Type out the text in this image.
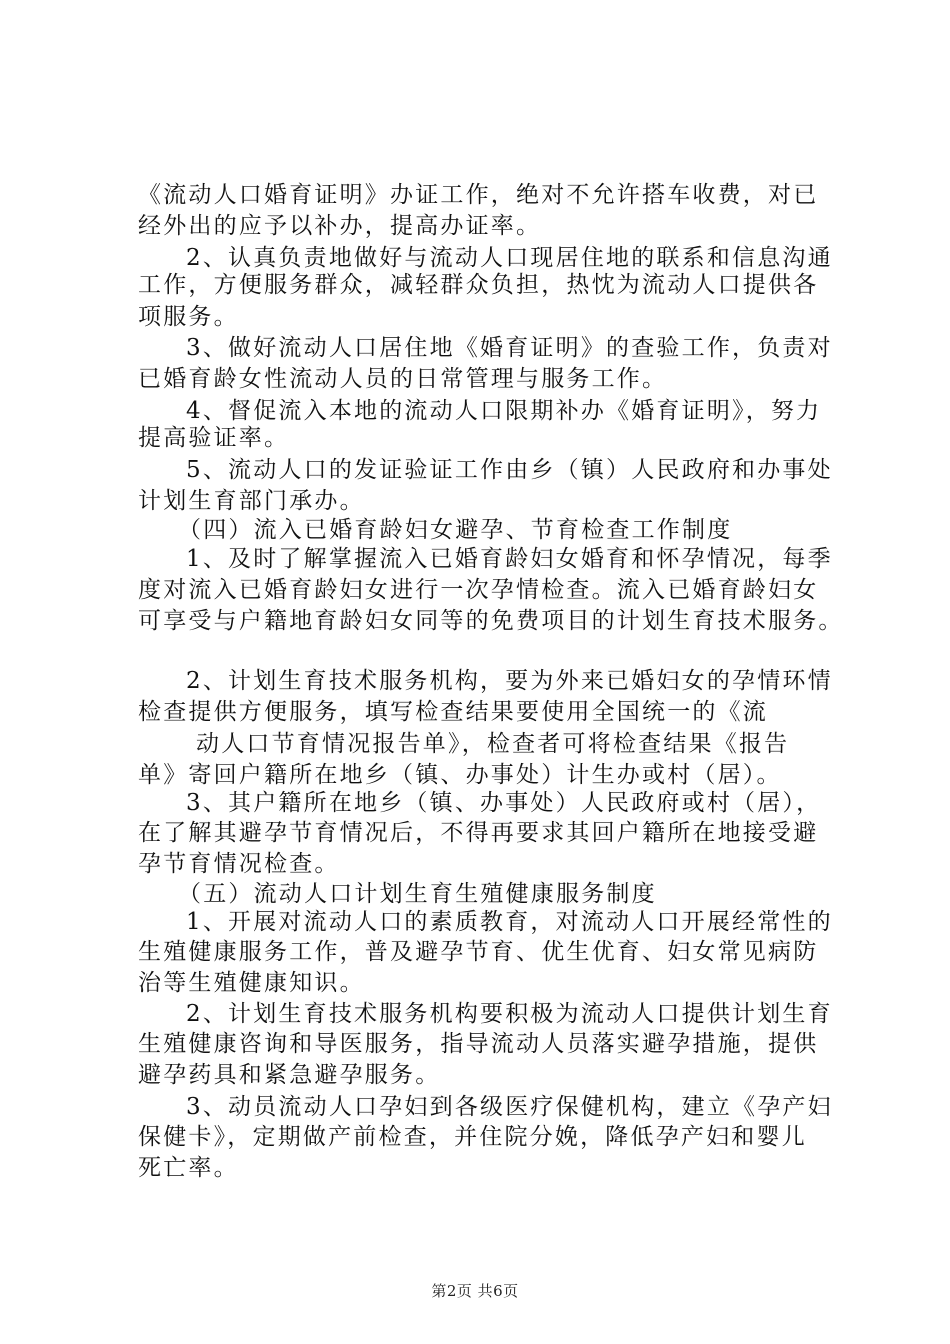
《流动人口婚育证明》办证工作，绝对不允许搭车收费，对已
经外出的应予以补办，提高办证率。
2、认真负责地做好与流动人口现居住地的联系和信息沟通
工作，方便服务群众，减轻群众负担，热忱为流动人口提供各
项服务。
3、做好流动人口居住地《婚育证明》的查验工作，负责对
已婚育龄女性流动人员的日常管理与服务工作。
4、督促流入本地的流动人口限期补办《婚育证明》，努力
提高验证率。
5、流动人口的发证验证工作由乡（镇）人民政府和办事处
计划生育部门承办。
（四）流入已婚育龄妇女避孕、节育检查工作制度
1、及时了解掌握流入已婚育龄妇女婚育和怀孕情况，每季
度对流入已婚育龄妇女进行一次孕情检查。流入已婚育龄妇女
可享受与户籍地育龄妇女同等的免费项目的计划生育技术服务。
2、计划生育技术服务机构，要为外来已婚妇女的孕情环情
检查提供方便服务，填写检查结果要使用全国统一的《流
动人口节育情况报告单》，检查者可将检查结果《报告
单》寄回户籍所在地乡（镇、办事处）计生办或村（居）。
3、其户籍所在地乡（镇、办事处）人民政府或村（居），
在了解其避孕节育情况后，不得再要求其回户籍所在地接受避
孕节育情况检查。
（五）流动人口计划生育生殖健康服务制度
1、开展对流动人口的素质教育，对流动人口开展经常性的
生殖健康服务工作，普及避孕节育、优生优育、妇女常见病防
治等生殖健康知识。
2、计划生育技术服务机构要积极为流动人口提供计划生育
生殖健康咨询和导医服务，指导流动人员落实避孕措施，提供
避孕药具和紧急避孕服务。
3、动员流动人口孕妇到各级医疗保健机构，建立《孕产妇
保健卡》，定期做产前检查，并住院分娩，降低孕产妇和婴儿
死亡率。
第2页 共6页
